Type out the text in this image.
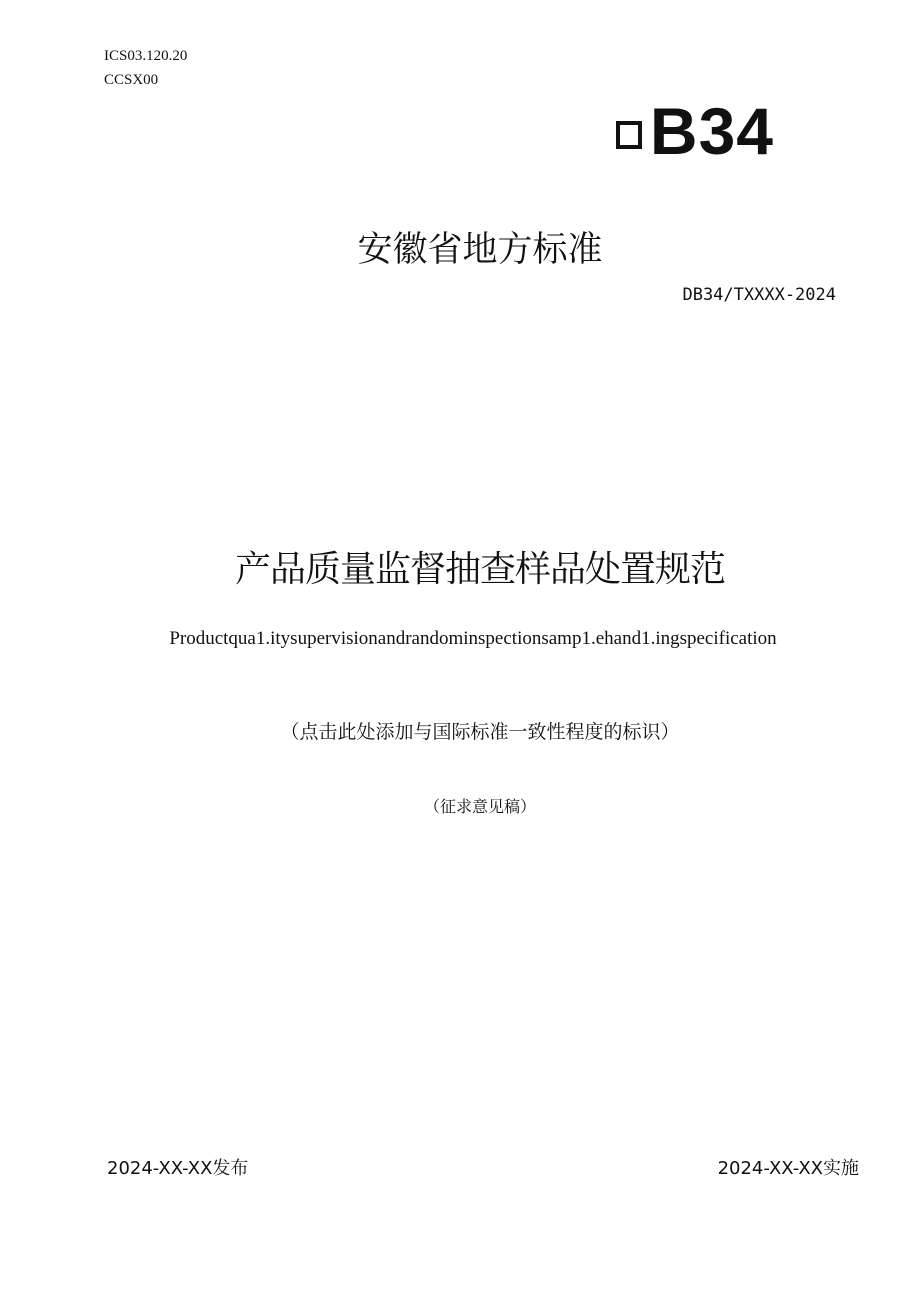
ICS03.120.20
CCSX00
B34
安徽省地方标准
DB34/TXXXX-2024
产品质量监督抽查样品处置规范
Productqua1.itysupervisionandrandominspectionsamp1.ehand1.ingspecification
（点击此处添加与国际标准一致性程度的标识）
（征求意见稿）
2024-XX-XX发布	2024-XX-XX实施
